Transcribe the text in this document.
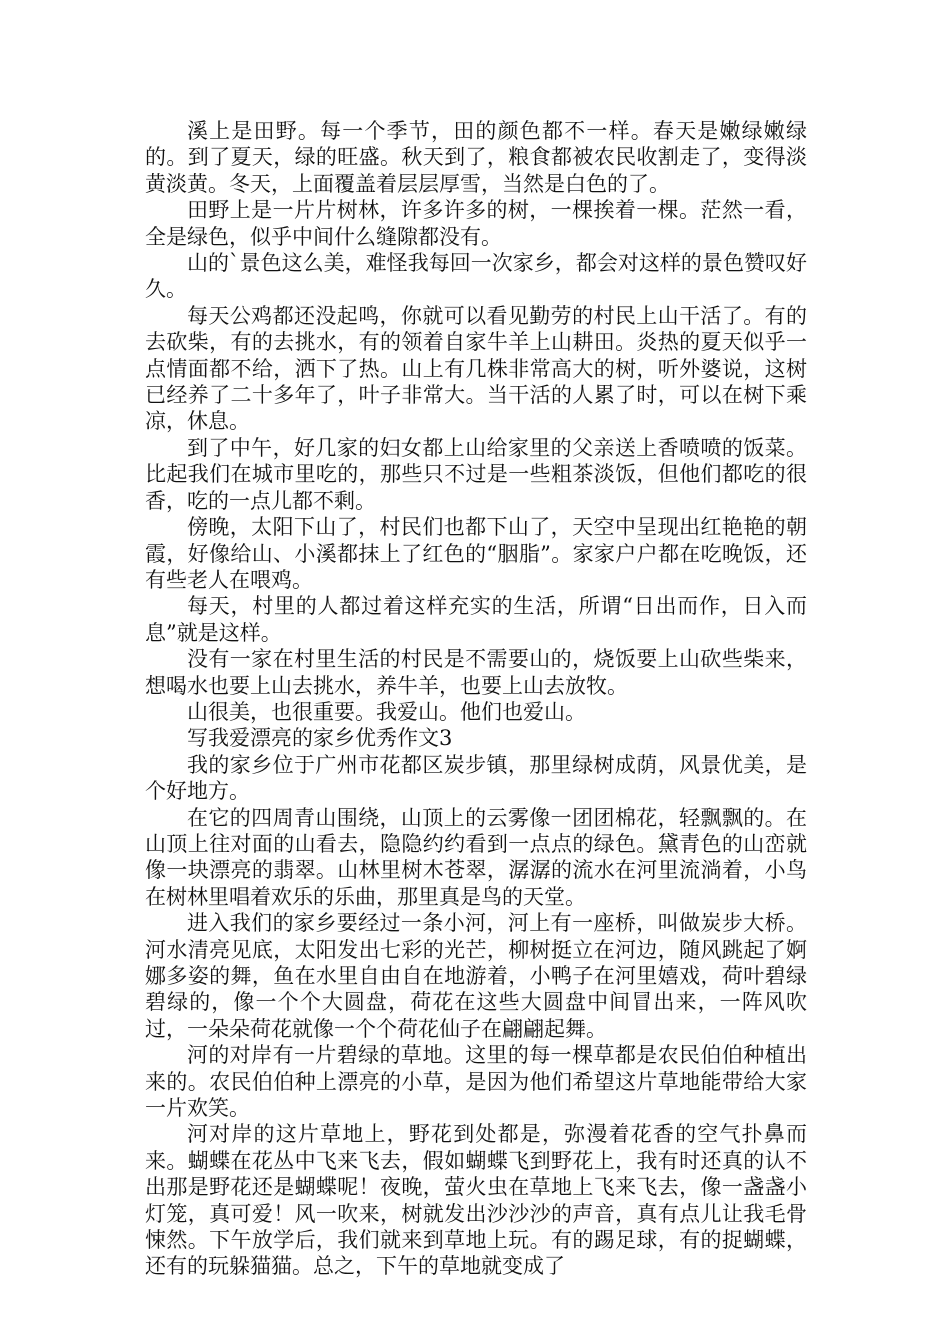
溪上是田野。每一个季节，田的颜色都不一样。春天是嫩绿嫩绿的。到了夏天，绿的旺盛。秋天到了，粮食都被农民收割走了，变得淡黄淡黄。冬天，上面覆盖着层层厚雪，当然是白色的了。

田野上是一片片树林，许多许多的树，一棵挨着一棵。茫然一看，全是绿色，似乎中间什么缝隙都没有。

山的`景色这么美，难怪我每回一次家乡，都会对这样的景色赞叹好久。

每天公鸡都还没起鸣，你就可以看见勤劳的村民上山干活了。有的去砍柴，有的去挑水，有的领着自家牛羊上山耕田。炎热的夏天似乎一点情面都不给，洒下了热。山上有几株非常高大的树，听外婆说，这树已经养了二十多年了，叶子非常大。当干活的人累了时，可以在树下乘凉，休息。

到了中午，好几家的妇女都上山给家里的父亲送上香喷喷的饭菜。比起我们在城市里吃的，那些只不过是一些粗茶淡饭，但他们都吃的很香，吃的一点儿都不剩。

傍晚，太阳下山了，村民们也都下山了，天空中呈现出红艳艳的朝霞，好像给山、小溪都抹上了红色的“胭脂”。家家户户都在吃晚饭，还有些老人在喂鸡。

每天，村里的人都过着这样充实的生活，所谓“日出而作，日入而息”就是这样。

没有一家在村里生活的村民是不需要山的，烧饭要上山砍些柴来，想喝水也要上山去挑水，养牛羊，也要上山去放牧。

山很美，也很重要。我爱山。他们也爱山。

写我爱漂亮的家乡优秀作文3

我的家乡位于广州市花都区炭步镇，那里绿树成荫，风景优美，是个好地方。

在它的四周青山围绕，山顶上的云雾像一团团棉花，轻飘飘的。在山顶上往对面的山看去，隐隐约约看到一点点的绿色。黛青色的山峦就像一块漂亮的翡翠。山林里树木苍翠，潺潺的流水在河里流淌着，小鸟在树林里唱着欢乐的乐曲，那里真是鸟的天堂。

进入我们的家乡要经过一条小河，河上有一座桥，叫做炭步大桥。河水清亮见底，太阳发出七彩的光芒，柳树挺立在河边，随风跳起了婀娜多姿的舞，鱼在水里自由自在地游着，小鸭子在河里嬉戏，荷叶碧绿碧绿的，像一个个大圆盘，荷花在这些大圆盘中间冒出来，一阵风吹过，一朵朵荷花就像一个个荷花仙子在翩翩起舞。

河的对岸有一片碧绿的草地。这里的每一棵草都是农民伯伯种植出来的。农民伯伯种上漂亮的小草，是因为他们希望这片草地能带给大家一片欢笑。

河对岸的这片草地上，野花到处都是，弥漫着花香的空气扑鼻而来。蝴蝶在花丛中飞来飞去，假如蝴蝶飞到野花上，我有时还真的认不出那是野花还是蝴蝶呢！夜晚，萤火虫在草地上飞来飞去，像一盏盏小灯笼，真可爱！风一吹来，树就发出沙沙沙的声音，真有点儿让我毛骨悚然。下午放学后，我们就来到草地上玩。有的踢足球，有的捉蝴蝶，还有的玩躲猫猫。总之，下午的草地就变成了
